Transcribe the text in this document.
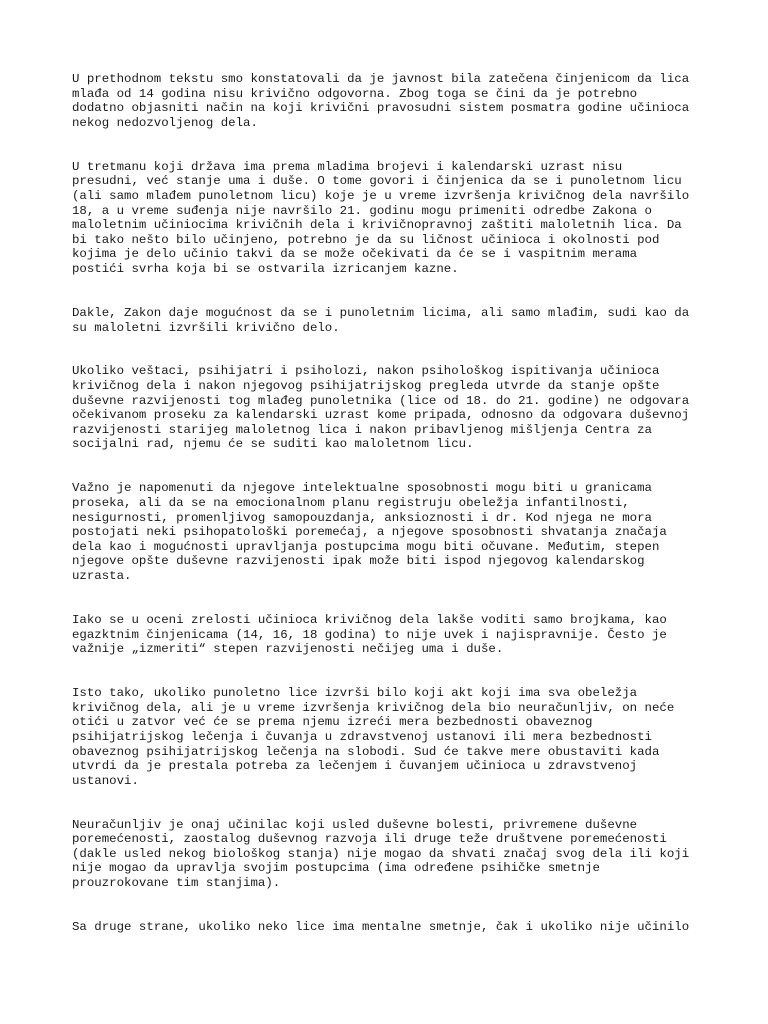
U prethodnom tekstu smo konstatovali da je javnost bila zatečena činjenicom da lica
mlađa od 14 godina nisu krivično odgovorna. Zbog toga se čini da je potrebno
dodatno objasniti način na koji krivični pravosudni sistem posmatra godine učinioca
nekog nedozvoljenog dela.

U tretmanu koji država ima prema mladima brojevi i kalendarski uzrast nisu
presudni, već stanje uma i duše. O tome govori i činjenica da se i punoletnom licu
(ali samo mlađem punoletnom licu) koje je u vreme izvršenja krivičnog dela navršilo
18, a u vreme suđenja nije navršilo 21. godinu mogu primeniti odredbe Zakona o
maloletnim učiniocima krivičnih dela i krivičnopravnoj zaštiti maloletnih lica. Da
bi tako nešto bilo učinjeno, potrebno je da su ličnost učinioca i okolnosti pod
kojima je delo učinio takvi da se može očekivati da će se i vaspitnim merama
postići svrha koja bi se ostvarila izricanjem kazne.

Dakle, Zakon daje mogućnost da se i punoletnim licima, ali samo mlađim, sudi kao da
su maloletni izvršili krivično delo.

Ukoliko veštaci, psihijatri i psiholozi, nakon psihološkog ispitivanja učinioca
krivičnog dela i nakon njegovog psihijatrijskog pregleda utvrde da stanje opšte
duševne razvijenosti tog mlađeg punoletnika (lice od 18. do 21. godine) ne odgovara
očekivanom proseku za kalendarski uzrast kome pripada, odnosno da odgovara duševnoj
razvijenosti starijeg maloletnog lica i nakon pribavljenog mišljenja Centra za
socijalni rad, njemu će se suditi kao maloletnom licu.

Važno je napomenuti da njegove intelektualne sposobnosti mogu biti u granicama
proseka, ali da se na emocionalnom planu registruju obeležja infantilnosti,
nesigurnosti, promenljivog samopouzdanja, anksioznosti i dr. Kod njega ne mora
postojati neki psihopatološki poremećaj, a njegove sposobnosti shvatanja značaja
dela kao i mogućnosti upravljanja postupcima mogu biti očuvane. Međutim, stepen
njegove opšte duševne razvijenosti ipak može biti ispod njegovog kalendarskog
uzrasta.

Iako se u oceni zrelosti učinioca krivičnog dela lakše voditi samo brojkama, kao
egazktnim činjenicama (14, 16, 18 godina) to nije uvek i najispravnije. Često je
važnije „izmeriti“ stepen razvijenosti nečijeg uma i duše.

Isto tako, ukoliko punoletno lice izvrši bilo koji akt koji ima sva obeležja
krivičnog dela, ali je u vreme izvršenja krivičnog dela bio neuračunljiv, on neće
otići u zatvor već će se prema njemu izreći mera bezbednosti obaveznog
psihijatrijskog lečenja i čuvanja u zdravstvenoj ustanovi ili mera bezbednosti
obaveznog psihijatrijskog lečenja na slobodi. Sud će takve mere obustaviti kada
utvrdi da je prestala potreba za lečenjem i čuvanjem učinioca u zdravstvenoj
ustanovi.

Neuračunljiv je onaj učinilac koji usled duševne bolesti, privremene duševne
poremećenosti, zaostalog duševnog razvoja ili druge teže društvene poremećenosti
(dakle usled nekog biološkog stanja) nije mogao da shvati značaj svog dela ili koji
nije mogao da upravlja svojim postupcima (ima određene psihičke smetnje
prouzrokovane tim stanjima).

Sa druge strane, ukoliko neko lice ima mentalne smetnje, čak i ukoliko nije učinilo
